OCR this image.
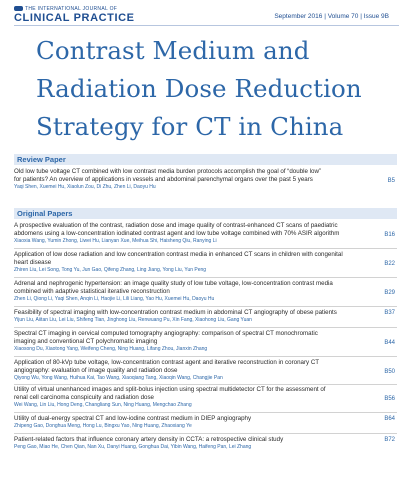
THE INTERNATIONAL JOURNAL OF
CLINICAL PRACTICE	September 2016 | Volume 70 | Issue 9B
Contrast Medium and
Radiation Dose Reduction
Strategy for CT in China
Review Paper
Old low tube voltage CT combined with low contrast media burden protocols accomplish the goal of “double low”
for patients? An overview of applications in vessels and abdominal parenchymal organs over the past 5 years
Yaqi Shen, Xuemei Hu, Xiaolun Zou, Di Zhu, Zhen Li, Daoyu Hu
B5
Original Papers
A prospective evaluation of the contrast, radiation dose and image quality of contrast-enhanced CT scans of paediatric
abdomens using a low-concentration iodinated contrast agent and low tube voltage combined with 70% ASIR algorithm
Xiaoxia Wang, Yumin Zhong, Liwei Hu, Lianyan Xue, Meihua Shi, Haisheng Qiu, Ranying Li
B16
Application of low dose radiation and low concentration contrast media in enhanced CT scans in children with congenital
heart disease
Zhiren Liu, Lei Song, Tong Yu, Jun Gao, Qifeng Zhang, Ling Jiang, Yong Liu, Yun Peng
B22
Adrenal and nephrogenic hypertension: an image quality study of low tube voltage, low-concentration contrast media
combined with adaptive statistical iterative reconstruction
Zhen Li, Qiong Li, Yaqi Shen, Anqin Li, Haojie Li, Lili Liang, Yao Hu, Xuemei Hu, Daoyu Hu
B29
Feasibility of spectral imaging with low-concentration contrast medium in abdominal CT angiography of obese patients
Yijun Liu, Aiitan Liu, Lei Liu, Shifeng Tian, Jinghong Liu, Renwuang Pu, Xin Fang, Xiaohong Liu, Gang Yuan
B37
Spectral CT imaging in cervical computed tomography angiography: comparison of spectral CT monochromatic
imaging and conventional CT polychromatic imaging
Xiaosong Du, Xiaotong Yang, Weifeng Cheng, Ning Huang, Lifang Zhou, Jianxin Zhang
B44
Application of 80-kVp tube voltage, low-concentration contrast agent and iterative reconstruction in coronary CT
angiography: evaluation of image quality and radiation dose
Qiyong Wu, Yong Wang, Huihua Kai, Tao Wang, Xiaoqiang Tang, Xiaoqin Wang, Changjie Pan
B50
Utility of virtual unenhanced images and split-bolus injection using spectral multidetector CT for the assessment of
renal cell carcinoma conspicuity and radiation dose
Wei Wang, Lin Liu, Hong Deng, Changliang Sun, Ning Huang, Mengchao Zhang
B56
Utility of dual-energy spectral CT and low-iodine contrast medium in DIEP angiography
Zhipeng Gao, Donghua Meng, Hong Lu, Bingxu Yao, Ning Huang, Zhaoxiang Ye
B64
Patient-related factors that influence coronary artery density in CCTA: a retrospective clinical study
Peng Gao, Miao He, Chen Qian, Nan Xu, Danyi Huang, Gonghua Dai, Yibin Wang, Haifeng Pan, Lei Zhang
B72
